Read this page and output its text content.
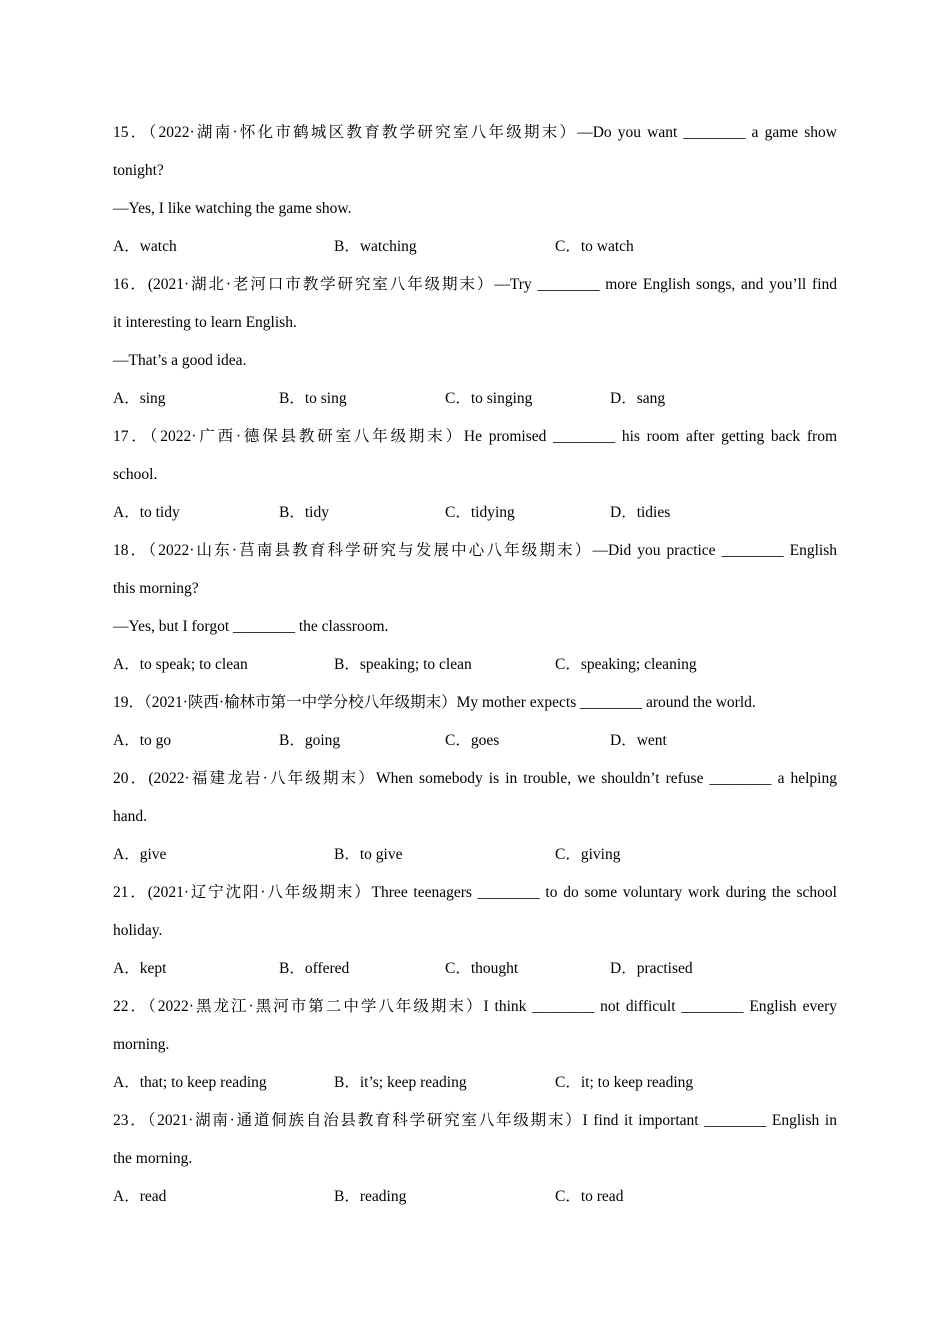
15．（2022·湖南·怀化市鹤城区教育教学研究室八年级期末）—Do you want ________ a game show
tonight?
—Yes, I like watching the game show.
A．watch	B．watching	C．to watch
16．(2021·湖北·老河口市教学研究室八年级期末）—Try ________ more English songs, and you’ll find
it interesting to learn English.
—That’s a good idea.
A．sing	B．to sing	C．to singing	D．sang
17．（2022·广西·德保县教研室八年级期末）He promised ________ his room after getting back from
school.
A．to tidy	B．tidy	C．tidying	D．tidies
18．（2022·山东·莒南县教育科学研究与发展中心八年级期末）—Did you practice ________ English
this morning?
—Yes, but I forgot ________ the classroom.
A．to speak; to clean	B．speaking; to clean	C．speaking; cleaning
19．（2021·陕西·榆林市第一中学分校八年级期末）My mother expects ________ around the world.
A．to go	B．going	C．goes	D．went
20．(2022·福建龙岩·八年级期末）When somebody is in trouble, we shouldn’t refuse ________ a helping
hand.
A．give	B．to give	C．giving
21．(2021·辽宁沈阳·八年级期末）Three teenagers ________ to do some voluntary work during the school
holiday.
A．kept	B．offered	C．thought	D．practised
22．（2022·黑龙江·黑河市第二中学八年级期末）I think ________ not difficult ________ English every
morning.
A．that; to keep reading	B．it’s; keep reading	C．it; to keep reading
23．（2021·湖南·通道侗族自治县教育科学研究室八年级期末）I find it important ________ English in
the morning.
A．read	B．reading	C．to read
